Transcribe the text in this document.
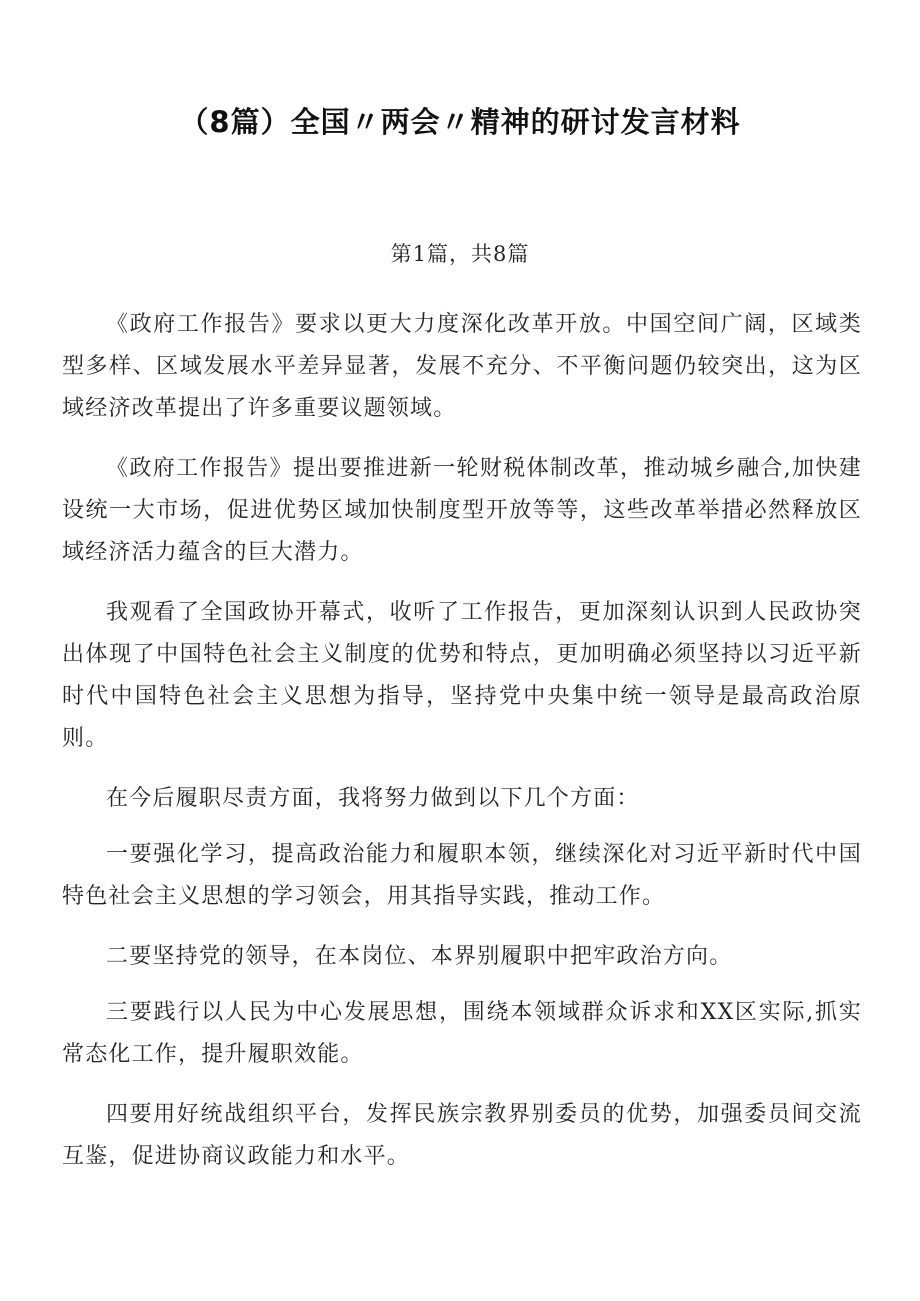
（8篇）全国〃两会〃精神的研讨发言材料
第1篇，共8篇

《政府工作报告》要求以更大力度深化改革开放。中国空间广阔，区域类型多样、区域发展水平差异显著，发展不充分、不平衡问题仍较突出，这为区域经济改革提出了许多重要议题领域。

《政府工作报告》提出要推进新一轮财税体制改革，推动城乡融合,加快建设统一大市场，促进优势区域加快制度型开放等等，这些改革举措必然释放区域经济活力蕴含的巨大潜力。

我观看了全国政协开幕式，收听了工作报告，更加深刻认识到人民政协突出体现了中国特色社会主义制度的优势和特点，更加明确必须坚持以习近平新时代中国特色社会主义思想为指导，坚持党中央集中统一领导是最高政治原则。

在今后履职尽责方面，我将努力做到以下几个方面：

一要强化学习，提高政治能力和履职本领，继续深化对习近平新时代中国特色社会主义思想的学习领会，用其指导实践，推动工作。

二要坚持党的领导，在本岗位、本界别履职中把牢政治方向。

三要践行以人民为中心发展思想，围绕本领域群众诉求和XX区实际,抓实常态化工作，提升履职效能。

四要用好统战组织平台，发挥民族宗教界别委员的优势，加强委员间交流互鉴，促进协商议政能力和水平。
